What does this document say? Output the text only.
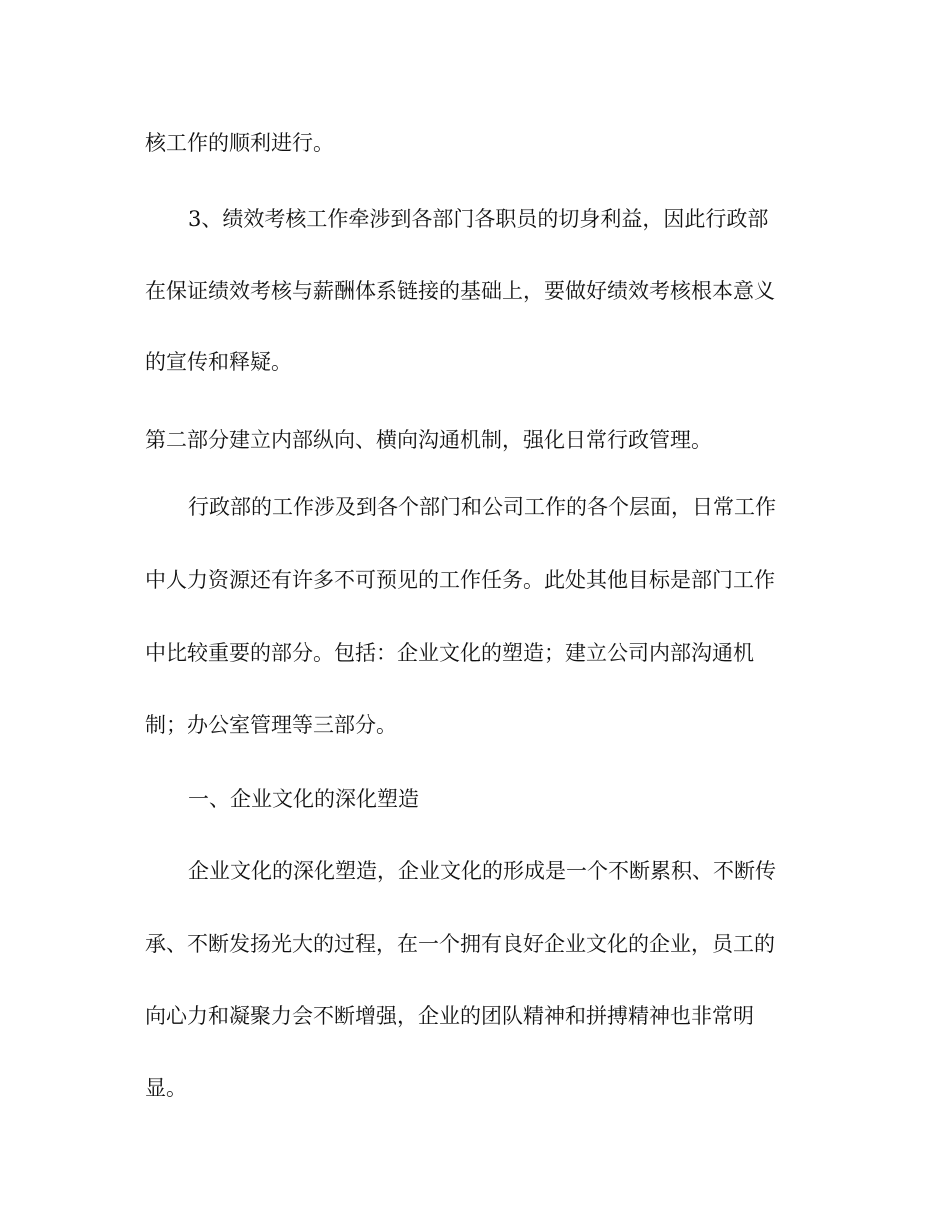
核工作的顺利进行。

3、绩效考核工作牵涉到各部门各职员的切身利益，因此行政部

在保证绩效考核与薪酬体系链接的基础上，要做好绩效考核根本意义

的宣传和释疑。

第二部分建立内部纵向、横向沟通机制，强化日常行政管理。

行政部的工作涉及到各个部门和公司工作的各个层面，日常工作

中人力资源还有许多不可预见的工作任务。此处其他目标是部门工作

中比较重要的部分。包括：企业文化的塑造；建立公司内部沟通机

制；办公室管理等三部分。

一、企业文化的深化塑造

企业文化的深化塑造，企业文化的形成是一个不断累积、不断传

承、不断发扬光大的过程，在一个拥有良好企业文化的企业，员工的

向心力和凝聚力会不断增强，企业的团队精神和拼搏精神也非常明

显。
